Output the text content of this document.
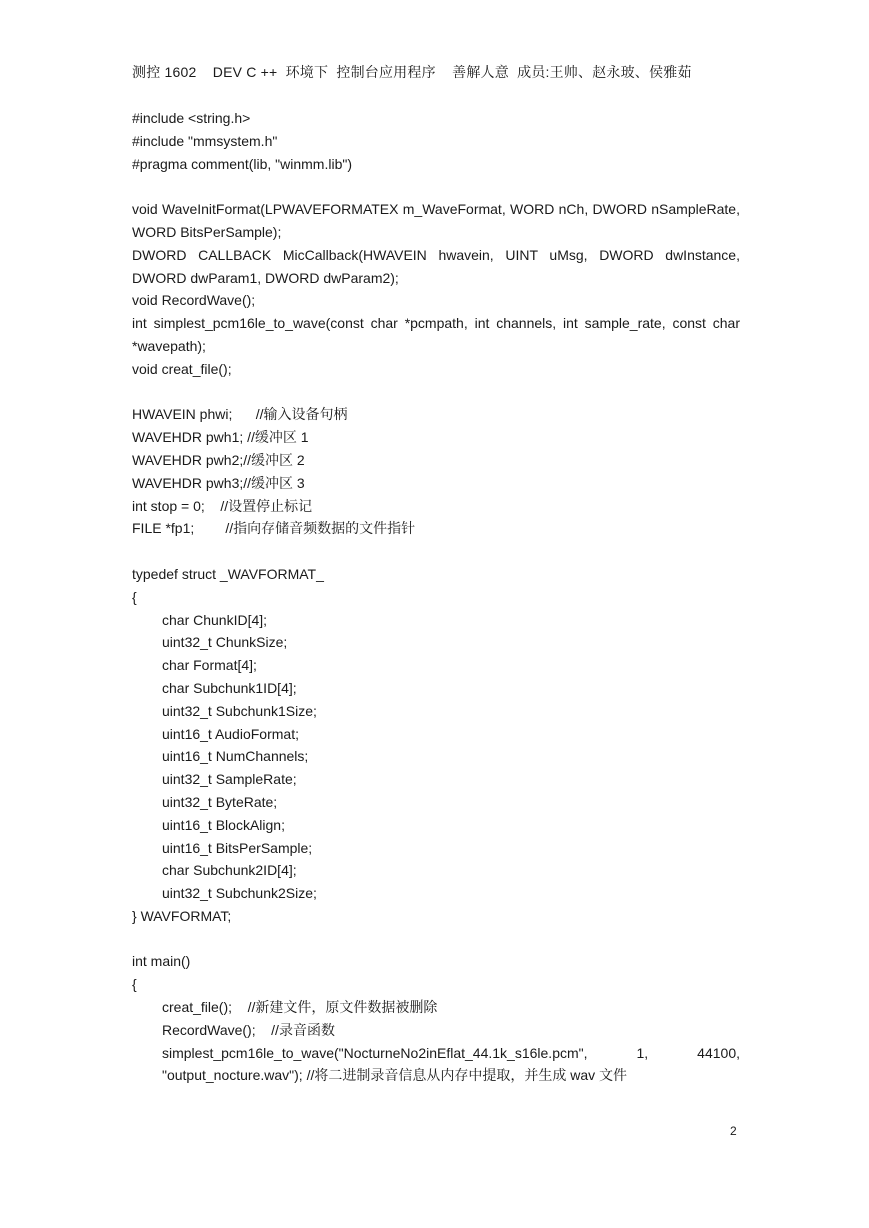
测控 1602    DEV C ++  环境下  控制台应用程序    善解人意  成员:王帅、赵永玻、侯雅茹
#include <string.h>
#include "mmsystem.h"
#pragma comment(lib, "winmm.lib")
void WaveInitFormat(LPWAVEFORMATEX m_WaveFormat, WORD nCh, DWORD nSampleRate, WORD BitsPerSample);
DWORD CALLBACK MicCallback(HWAVEIN hwavein, UINT uMsg, DWORD dwInstance, DWORD dwParam1, DWORD dwParam2);
void RecordWave();
int simplest_pcm16le_to_wave(const char *pcmpath, int channels, int sample_rate, const char *wavepath);
void creat_file();
HWAVEIN phwi;      //输入设备句柄
WAVEHDR pwh1; //缓冲区 1
WAVEHDR pwh2;//缓冲区 2
WAVEHDR pwh3;//缓冲区 3
int stop = 0;    //设置停止标记
FILE *fp1;        //指向存储音频数据的文件指针
typedef struct _WAVFORMAT_
{
char ChunkID[4];
uint32_t ChunkSize;
char Format[4];
char Subchunk1ID[4];
uint32_t Subchunk1Size;
uint16_t AudioFormat;
uint16_t NumChannels;
uint32_t SampleRate;
uint32_t ByteRate;
uint16_t BlockAlign;
uint16_t BitsPerSample;
char Subchunk2ID[4];
uint32_t Subchunk2Size;
} WAVFORMAT;
int main()
{
creat_file();    //新建文件，原文件数据被删除
RecordWave();    //录音函数
simplest_pcm16le_to_wave("NocturneNo2inEflat_44.1k_s16le.pcm", 1, 44100, "output_nocture.wav"); //将二进制录音信息从内存中提取，并生成 wav 文件
2
